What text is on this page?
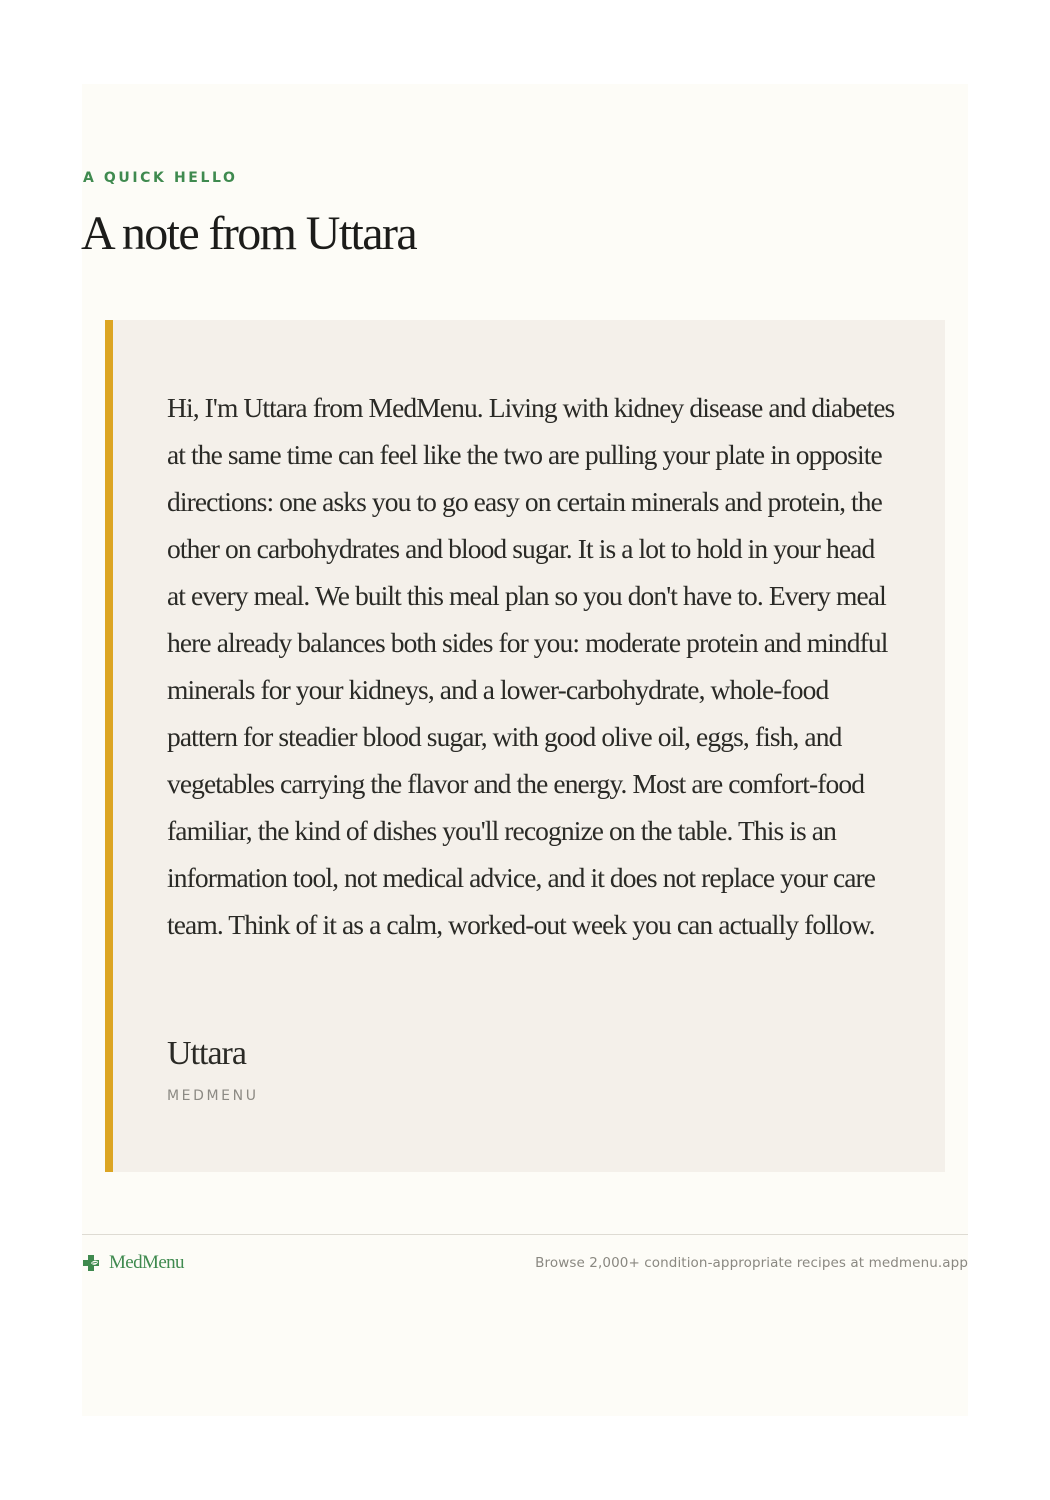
A QUICK HELLO
A note from Uttara

Hi, I'm Uttara from MedMenu. Living with kidney disease and diabetes at the same time can feel like the two are pulling your plate in opposite directions: one asks you to go easy on certain minerals and protein, the other on carbohydrates and blood sugar. It is a lot to hold in your head at every meal. We built this meal plan so you don't have to. Every meal here already balances both sides for you: moderate protein and mindful minerals for your kidneys, and a lower-carbohydrate, whole-food pattern for steadier blood sugar, with good olive oil, eggs, fish, and vegetables carrying the flavor and the energy. Most are comfort-food familiar, the kind of dishes you'll recognize on the table. This is an information tool, not medical advice, and it does not replace your care team. Think of it as a calm, worked-out week you can actually follow.

Uttara
MEDMENU
MedMenu	Browse 2,000+ condition-appropriate recipes at medmenu.app
